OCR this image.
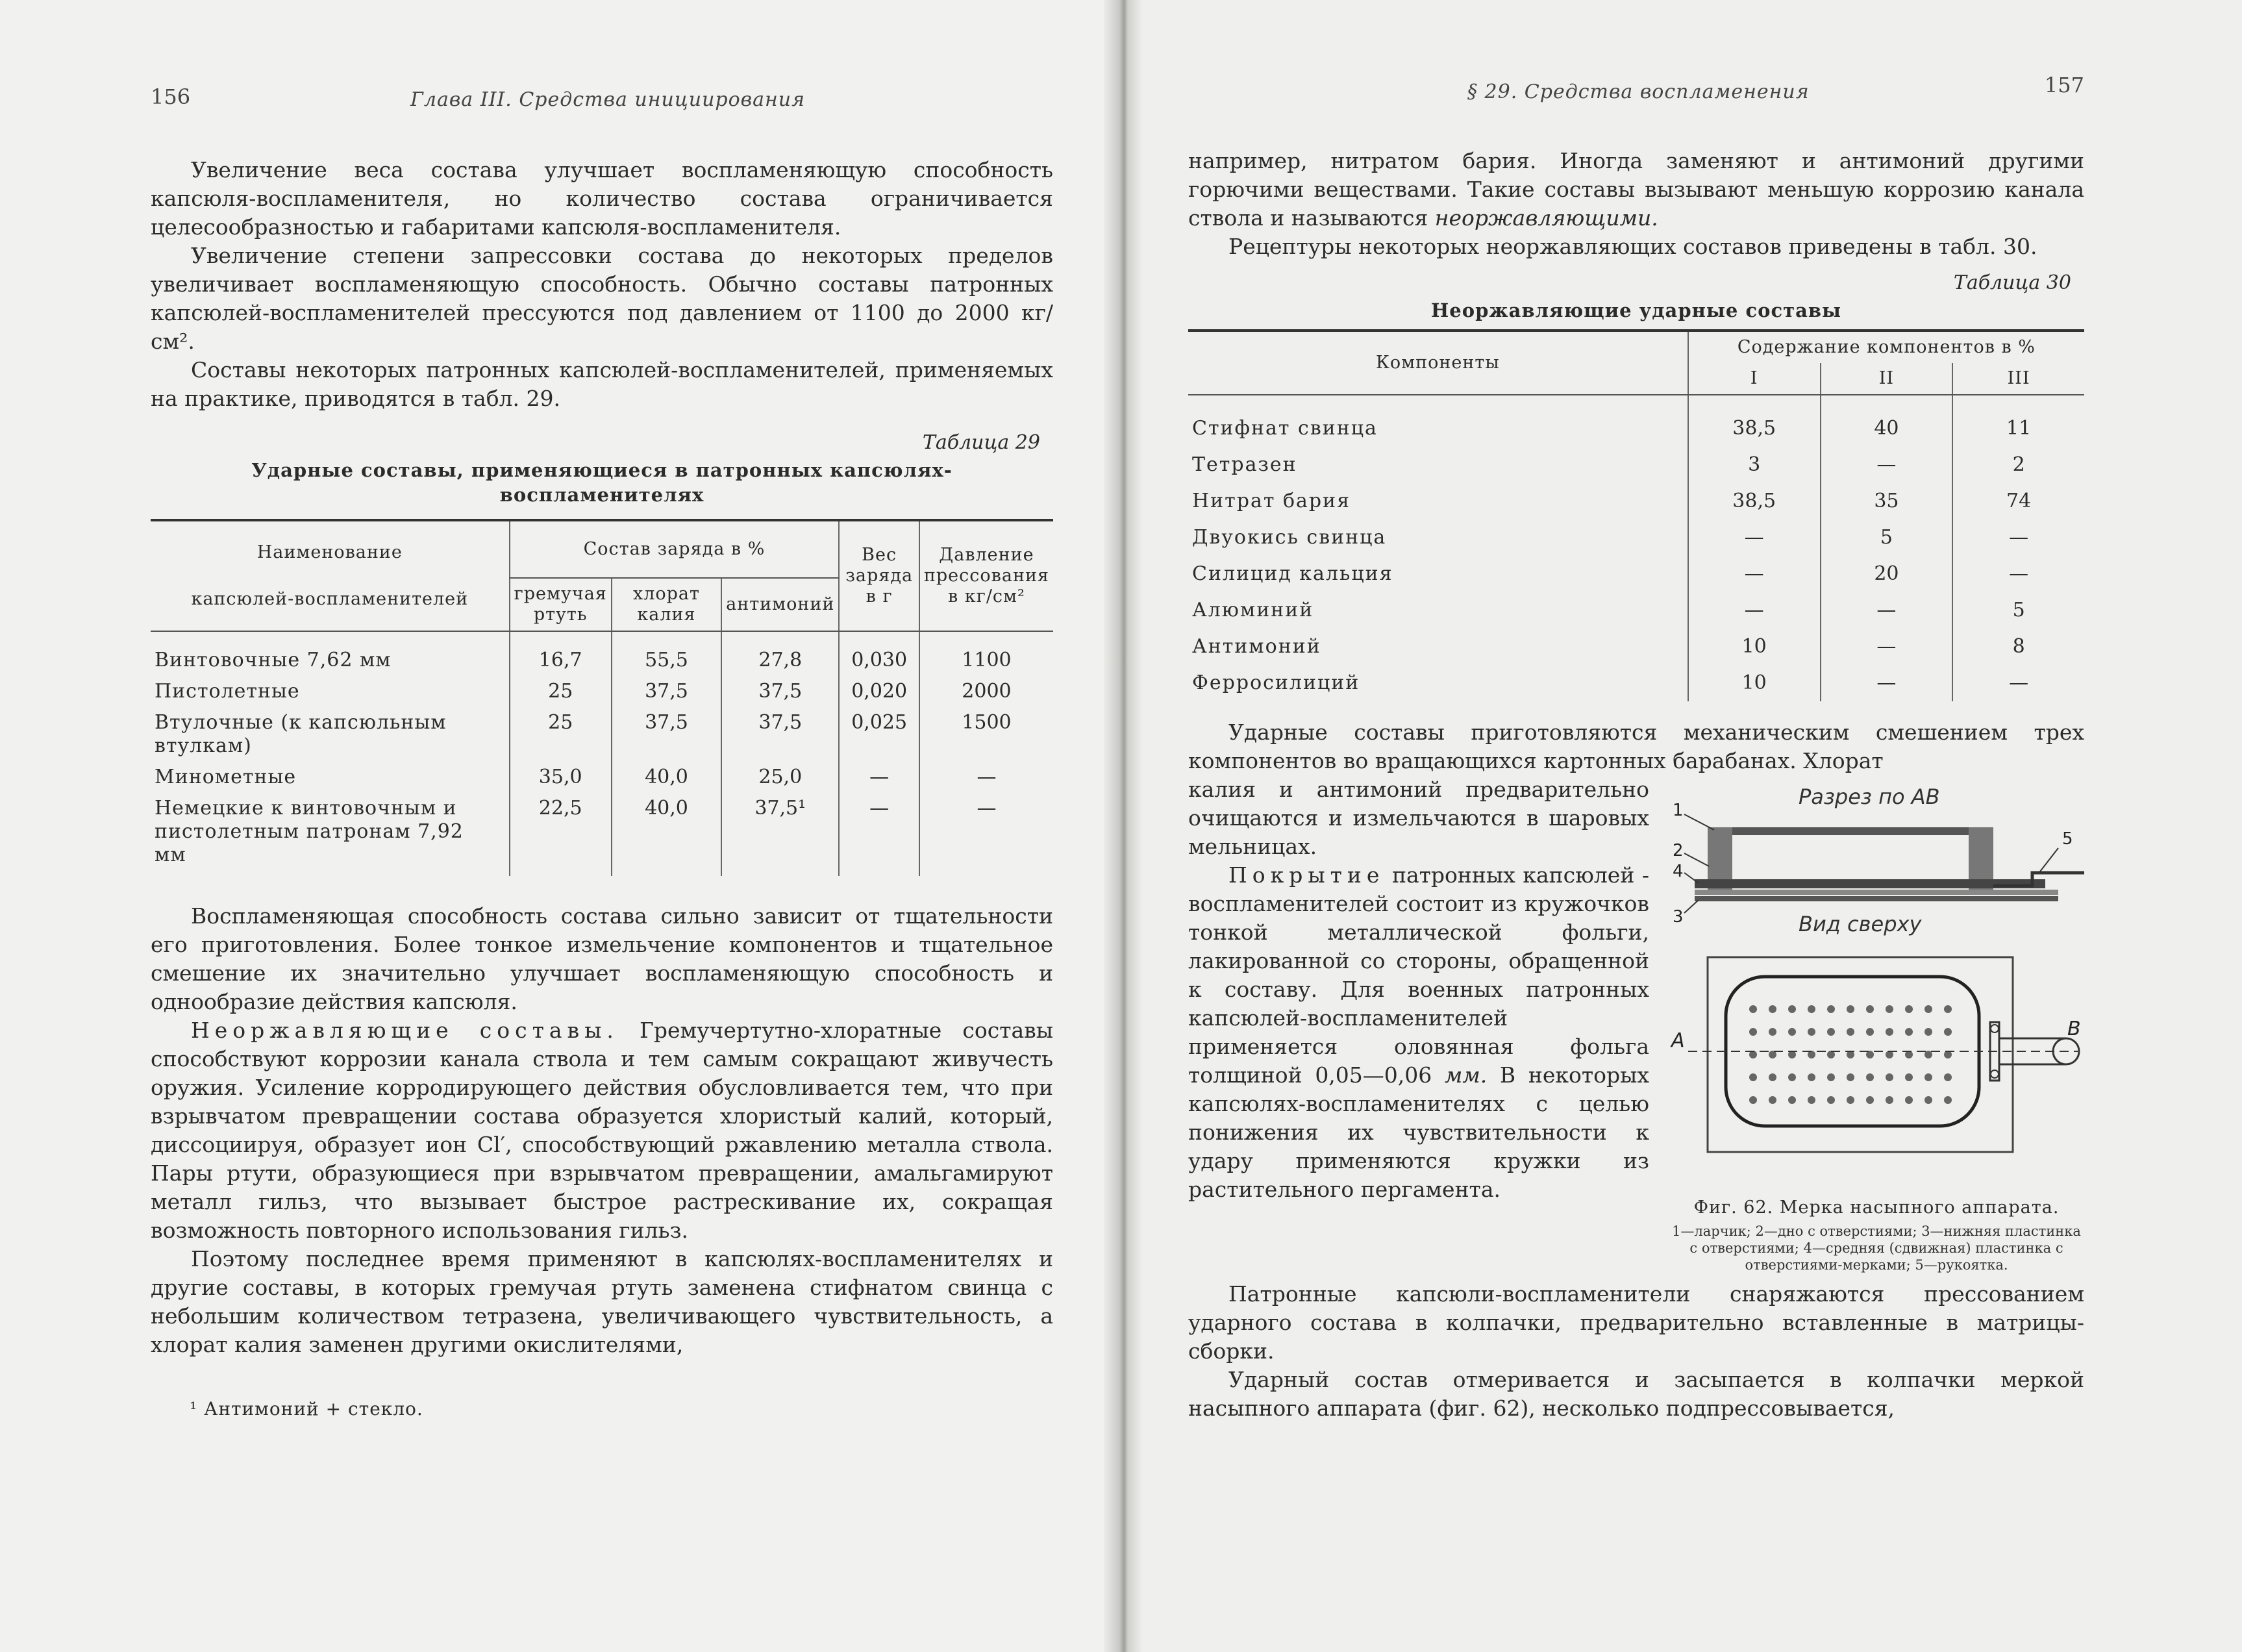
156	Глава III. Средства инициирования

Увеличение веса состава улучшает воспламеняющую способность капсюля-воспламенителя, но количество состава ограничивается целесообразностью и габаритами капсюля-воспламенителя.

Увеличение степени запрессовки состава до некоторых пределов увеличивает воспламеняющую способность. Обычно составы патронных капсюлей-воспламенителей прессуются под давлением от 1100 до 2000 кг/см².

Составы некоторых патронных капсюлей-воспламенителей, применяемых на практике, приводятся в табл. 29.

Таблица 29
Ударные составы, применяющиеся в патронных капсюлях-воспламенителях
Наименование
капсюлей-воспламенителей	Состав заряда в %			Вес заряда в г	Давление прессования в кг/см²
	гремучая ртуть	хлорат калия	антимоний		
Винтовочные 7,62 мм	16,7	55,5	27,8	0,030	1100
Пистолетные	25	37,5	37,5	0,020	2000
Втулочные (к капсюльным втулкам)	25	37,5	37,5	0,025	1500
Минометные	35,0	40,0	25,0	—	—
Немецкие к винтовочным и пистолетным патронам 7,92 мм	22,5	40,0	37,5¹	—	—

Воспламеняющая способность состава сильно зависит от тщательности его приготовления. Более тонкое измельчение компонентов и тщательное смешение их значительно улучшает воспламеняющую способность и однообразие действия капсюля.

Неоржавляющие составы. Гремучертутно-хлоратные составы способствуют коррозии канала ствола и тем самым сокращают живучесть оружия. Усиление корродирующего действия обусловливается тем, что при взрывчатом превращении состава образуется хлористый калий, который, диссоциируя, образует ион Cl′, способствующий ржавлению металла ствола. Пары ртути, образующиеся при взрывчатом превращении, амальгамируют металл гильз, что вызывает быстрое растрескивание их, сокращая возможность повторного использования гильз.

Поэтому последнее время применяют в капсюлях-воспламенителях и другие составы, в которых гремучая ртуть заменена стифнатом свинца с небольшим количеством тетразена, увеличивающего чувствительность, а хлорат калия заменен другими окислителями,

¹ Антимоний + стекло.
§ 29. Средства воспламенения	157

например, нитратом бария. Иногда заменяют и антимоний другими горючими веществами. Такие составы вызывают меньшую коррозию канала ствола и называются неоржавляющими.

Рецептуры некоторых неоржавляющих составов приведены в табл. 30.

Таблица 30
Неоржавляющие ударные составы
Компоненты	Содержание компонентов в %		
	I	II	III
Стифнат свинца	38,5	40	11
Тетразен	3	—	2
Нитрат бария	38,5	35	74
Двуокись свинца	—	5	—
Силицид кальция	—	20	—
Алюминий	—	—	5
Антимоний	10	—	8
Ферросилиций	10	—	—

Ударные составы приготовляются механическим смешением трех компонентов во вращающихся картонных барабанах. Хлорат

Разрез по АВ
1
2
4
3
5
Вид сверху
А
В
Фиг. 62. Мерка насыпного аппарата.
1—ларчик; 2—дно с отверстиями; 3—нижняя пластинка с отверстиями; 4—средняя (сдвижная) пластинка с отверстиями-мерками; 5—рукоятка.

калия и антимоний предварительно очищаются и измельчаются в шаровых мельницах.

Покрытие патронных капсюлей - воспламенителей состоит из кружочков тонкой металлической фольги, лакированной со стороны, обращенной к составу. Для военных патронных капсюлей-воспламенителей применяется оловянная фольга толщиной 0,05—0,06 мм. В некоторых капсюлях-воспламенителях с целью понижения их чувствительности к удару применяются кружки из растительного пергамента.

Патронные капсюли-воспламенители снаряжаются прессованием ударного состава в колпачки, предварительно вставленные в матрицы-сборки.

Ударный состав отмеривается и засыпается в колпачки меркой насыпного аппарата (фиг. 62), несколько подпрессовывается,
